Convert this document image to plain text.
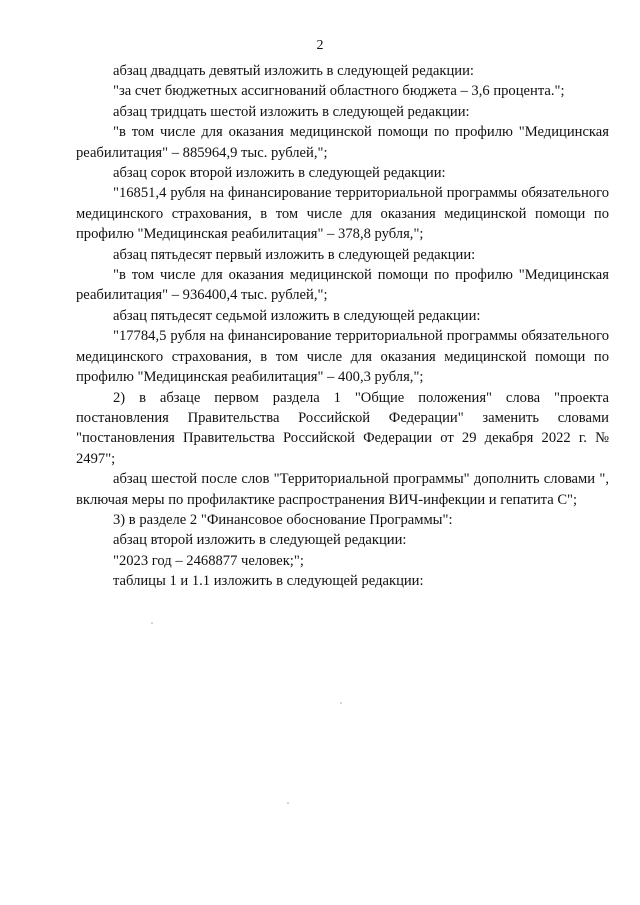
2

абзац двадцать девятый изложить в следующей редакции:

"за счет бюджетных ассигнований областного бюджета – 3,6 процента.";

абзац тридцать шестой изложить в следующей редакции:

"в том числе для оказания медицинской помощи по профилю "Медицинская реабилитация" – 885964,9 тыс. рублей,";

абзац сорок второй изложить в следующей редакции:

"16851,4 рубля на финансирование территориальной программы обязательного медицинского страхования, в том числе для оказания медицинской помощи по профилю "Медицинская реабилитация" – 378,8 рубля,";

абзац пятьдесят первый изложить в следующей редакции:

"в том числе для оказания медицинской помощи по профилю "Медицинская реабилитация" – 936400,4 тыс. рублей,";

абзац пятьдесят седьмой изложить в следующей редакции:

"17784,5 рубля на финансирование территориальной программы обязательного медицинского страхования, в том числе для оказания медицинской помощи по профилю "Медицинская реабилитация" – 400,3 рубля,";

2) в абзаце первом раздела 1 "Общие положения" слова "проекта постановления Правительства Российской Федерации" заменить словами "постановления Правительства Российской Федерации от 29 декабря 2022 г. № 2497";

абзац шестой после слов "Территориальной программы" дополнить словами ", включая меры по профилактике распространения ВИЧ-инфекции и гепатита С";

3) в разделе 2 "Финансовое обоснование Программы":

абзац второй изложить в следующей редакции:

"2023 год – 2468877 человек;";

таблицы 1 и 1.1 изложить в следующей редакции:
